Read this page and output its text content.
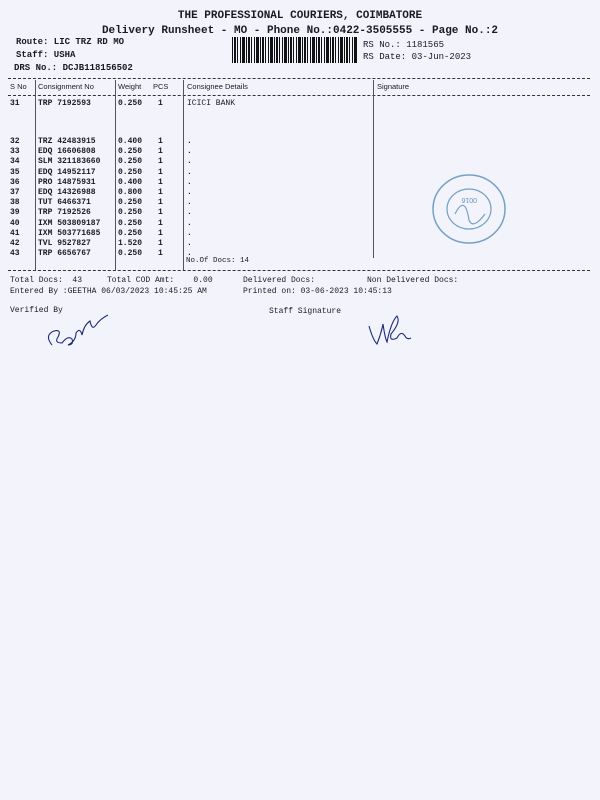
THE PROFESSIONAL COURIERS, COIMBATORE
Delivery Runsheet - MO - Phone No.:0422-3505555 - Page No.:2
Route: LIC TRZ RD MO
Staff: USHA
DRS No.: DCJB118156502
RS No.: 1181565
RS Date: 03-Jun-2023
S No Consignment No	Weight PCS Consignee Details	Signature
31 TRP 7192593	0.250 1	ICICI BANK
32 TRZ 42483915	0.400 1	.
33 EDQ 16606808	0.250 1	.
34 SLM 321183660 0.250 1	.
35 EDQ 14952117	0.250 1	.
36 PRO 14875931	0.400 1	.
37 EDQ 14326988	0.800 1	.
38 TUT 6466371	0.250 1	.
39 TRP 7192526	0.250 1	.
40 IXM 503809187 0.250 1	.
41 IXM 503771685 0.250 1	.
42 TVL 9527827	1.520 1	.
43 TRP 6656767	0.250 1	.
No.Of Docs: 14
0016
Total Docs:  43	Total COD Amt:    0.00	Delivered Docs:	Non Delivered Docs:
Entered By :GEETHA 06/03/2023 10:45:25 AM	Printed on: 03-06-2023 10:45:13
Verified By	Staff Signature
